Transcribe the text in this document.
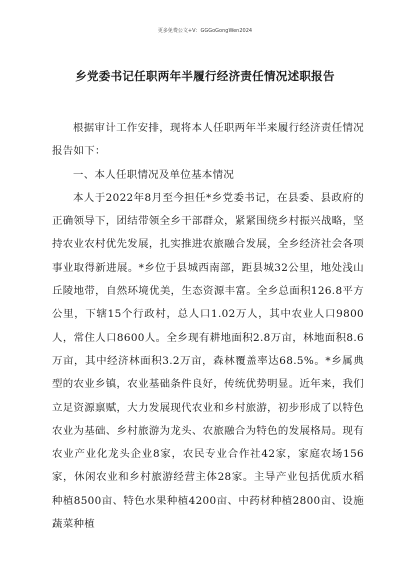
更多免费公文+V：GGGoGongWen2024
乡党委书记任职两年半履行经济责任情况述职报告

根据审计工作安排，现将本人任职两年半来履行经济责任情况报告如下：

一、本人任职情况及单位基本情况

本人于2022年8月至今担任*乡党委书记，在县委、县政府的正确领导下，团结带领全乡干部群众，紧紧围绕乡村振兴战略，坚持农业农村优先发展，扎实推进农旅融合发展，全乡经济社会各项事业取得新进展。*乡位于县城西南部，距县城32公里，地处浅山丘陵地带，自然环境优美，生态资源丰富。全乡总面积126.8平方公里，下辖15个行政村，总人口1.02万人，其中农业人口9800人，常住人口8600人。全乡现有耕地面积2.8万亩，林地面积8.6万亩，其中经济林面积3.2万亩，森林覆盖率达68.5%。*乡属典型的农业乡镇，农业基础条件良好，传统优势明显。近年来，我们立足资源禀赋，大力发展现代农业和乡村旅游，初步形成了以特色农业为基础、乡村旅游为龙头、农旅融合为特色的发展格局。现有农业产业化龙头企业8家，农民专业合作社42家，家庭农场156家，休闲农业和乡村旅游经营主体28家。主导产业包括优质水稻种植8500亩、特色水果种植4200亩、中药材种植2800亩、设施蔬菜种植
